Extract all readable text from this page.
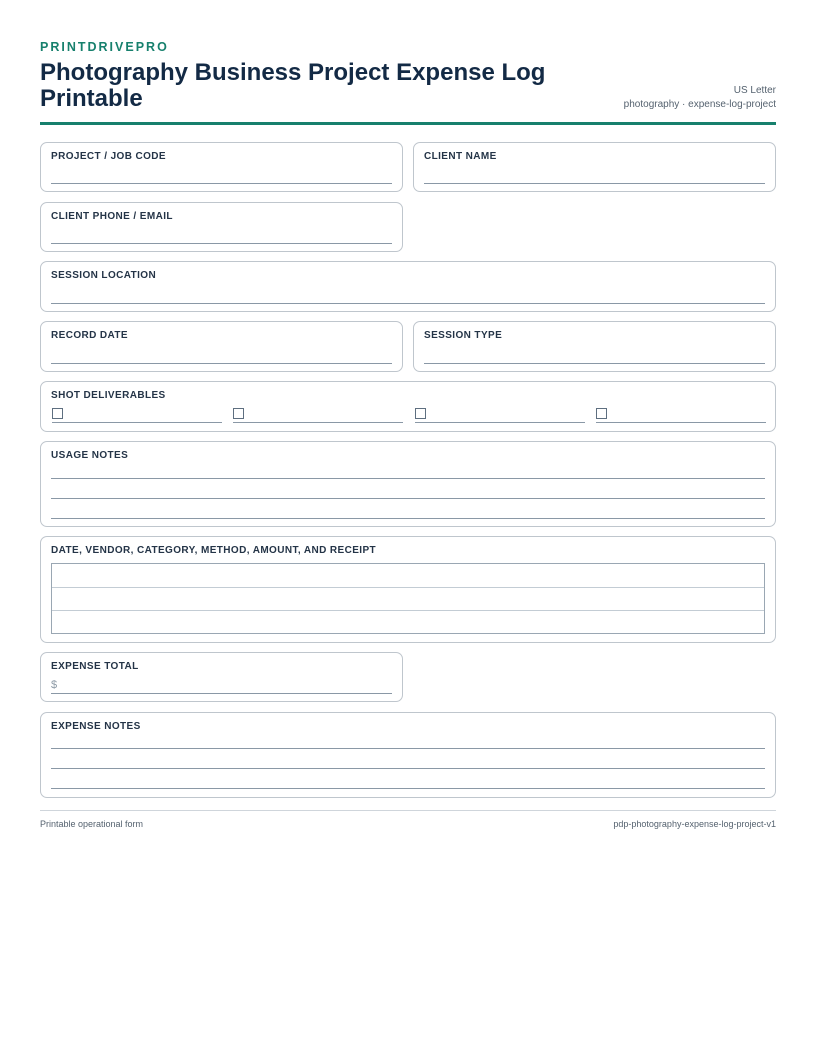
PRINTDRIVEPRO
Photography Business Project Expense Log Printable	US Letter
photography · expense-log-project
PROJECT / JOB CODE	CLIENT NAME
CLIENT PHONE / EMAIL
SESSION LOCATION
RECORD DATE	SESSION TYPE
SHOT DELIVERABLES
USAGE NOTES
DATE, VENDOR, CATEGORY, METHOD, AMOUNT, AND RECEIPT
EXPENSE TOTAL
$
EXPENSE NOTES
Printable operational form	pdp-photography-expense-log-project-v1
